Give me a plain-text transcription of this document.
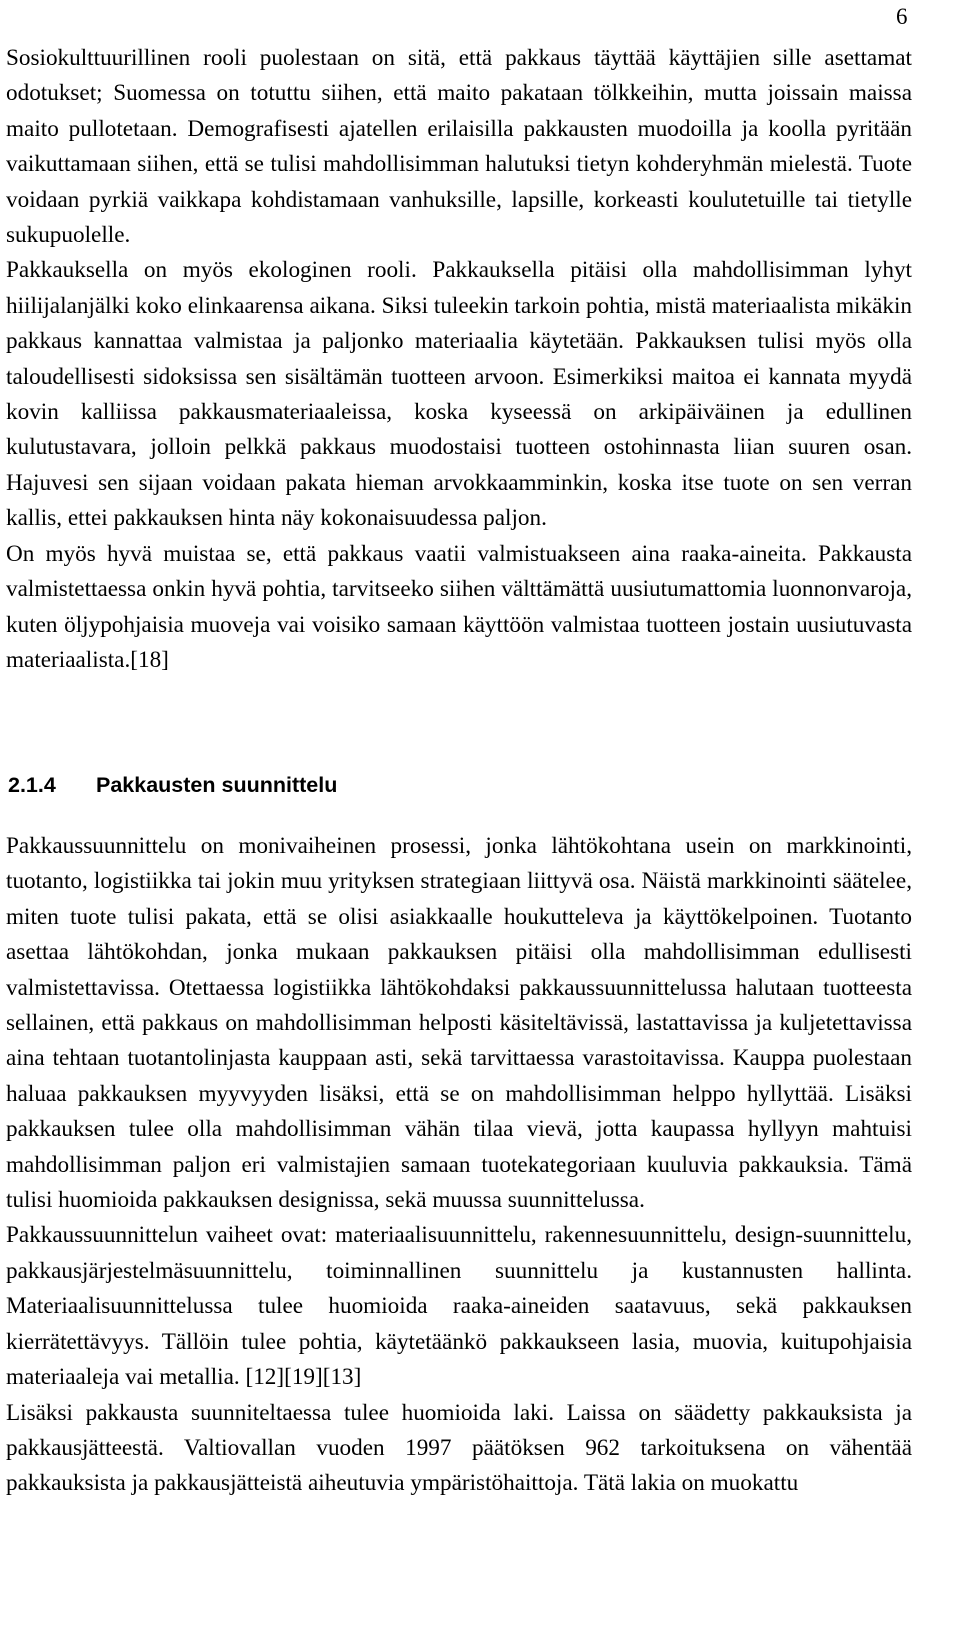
6

Sosiokulttuurillinen rooli puolestaan on sitä, että pakkaus täyttää käyttäjien sille asettamat odotukset; Suomessa on totuttu siihen, että maito pakataan tölkkeihin, mutta joissain maissa maito pullotetaan. Demografisesti ajatellen erilaisilla pakkausten muodoilla ja koolla pyritään vaikuttamaan siihen, että se tulisi mahdollisimman halutuksi tietyn kohderyhmän mielestä. Tuote voidaan pyrkiä vaikkapa kohdistamaan vanhuksille, lapsille, korkeasti koulutetuille tai tietylle sukupuolelle.

Pakkauksella on myös ekologinen rooli. Pakkauksella pitäisi olla mahdollisimman lyhyt hiilijalanjälki koko elinkaarensa aikana. Siksi tuleekin tarkoin pohtia, mistä materiaalista mikäkin pakkaus kannattaa valmistaa ja paljonko materiaalia käytetään. Pakkauksen tulisi myös olla taloudellisesti sidoksissa sen sisältämän tuotteen arvoon. Esimerkiksi maitoa ei kannata myydä kovin kalliissa pakkausmateriaaleissa, koska kyseessä on arkipäiväinen ja edullinen kulutustavara, jolloin pelkkä pakkaus muodostaisi tuotteen ostohinnasta liian suuren osan. Hajuvesi sen sijaan voidaan pakata hieman arvokkaamminkin, koska itse tuote on sen verran kallis, ettei pakkauksen hinta näy kokonaisuudessa paljon.

On myös hyvä muistaa se, että pakkaus vaatii valmistuakseen aina raaka-aineita. Pakkausta valmistettaessa onkin hyvä pohtia, tarvitseeko siihen välttämättä uusiutumattomia luonnonvaroja, kuten öljypohjaisia muoveja vai voisiko samaan käyttöön valmistaa tuotteen jostain uusiutuvasta materiaalista.[18]

2.1.4 Pakkausten suunnittelu

Pakkaussuunnittelu on monivaiheinen prosessi, jonka lähtökohtana usein on markkinointi, tuotanto, logistiikka tai jokin muu yrityksen strategiaan liittyvä osa. Näistä markkinointi säätelee, miten tuote tulisi pakata, että se olisi asiakkaalle houkutteleva ja käyttökelpoinen. Tuotanto asettaa lähtökohdan, jonka mukaan pakkauksen pitäisi olla mahdollisimman edullisesti valmistettavissa. Otettaessa logistiikka lähtökohdaksi pakkaussuunnittelussa halutaan tuotteesta sellainen, että pakkaus on mahdollisimman helposti käsiteltävissä, lastattavissa ja kuljetettavissa aina tehtaan tuotantolinjasta kauppaan asti, sekä tarvittaessa varastoitavissa. Kauppa puolestaan haluaa pakkauksen myyvyyden lisäksi, että se on mahdollisimman helppo hyllyttää. Lisäksi pakkauksen tulee olla mahdollisimman vähän tilaa vievä, jotta kaupassa hyllyyn mahtuisi mahdollisimman paljon eri valmistajien samaan tuotekategoriaan kuuluvia pakkauksia. Tämä tulisi huomioida pakkauksen designissa, sekä muussa suunnittelussa.

Pakkaussuunnittelun vaiheet ovat: materiaalisuunnittelu, rakennesuunnittelu, design-suunnittelu, pakkausjärjestelmäsuunnittelu, toiminnallinen suunnittelu ja kustannusten hallinta. Materiaalisuunnittelussa tulee huomioida raaka-aineiden saatavuus, sekä pakkauksen kierrätettävyys. Tällöin tulee pohtia, käytetäänkö pakkaukseen lasia, muovia, kuitupohjaisia materiaaleja vai metallia. [12][19][13]

Lisäksi pakkausta suunniteltaessa tulee huomioida laki. Laissa on säädetty pakkauksista ja pakkausjätteestä. Valtiovallan vuoden 1997 päätöksen 962 tarkoituksena on vähentää pakkauksista ja pakkausjätteistä aiheutuvia ympäristöhaittoja. Tätä lakia on muokattu
